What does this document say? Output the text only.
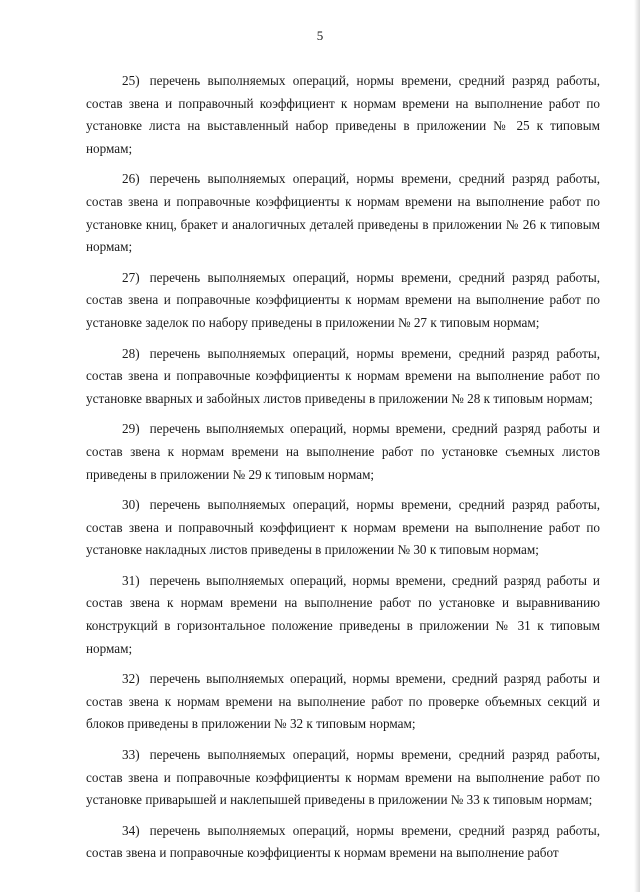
5

25) перечень выполняемых операций, нормы времени, средний разряд работы, состав звена и поправочный коэффициент к нормам времени на выполнение работ по установке листа на выставленный набор приведены в приложении № 25 к типовым нормам;

26) перечень выполняемых операций, нормы времени, средний разряд работы, состав звена и поправочные коэффициенты к нормам времени на выполнение работ по установке книц, бракет и аналогичных деталей приведены в приложении № 26 к типовым нормам;

27) перечень выполняемых операций, нормы времени, средний разряд работы, состав звена и поправочные коэффициенты к нормам времени на выполнение работ по установке заделок по набору приведены в приложении № 27 к типовым нормам;

28) перечень выполняемых операций, нормы времени, средний разряд работы, состав звена и поправочные коэффициенты к нормам времени на выполнение работ по установке вварных и забойных листов приведены в приложении № 28 к типовым нормам;

29) перечень выполняемых операций, нормы времени, средний разряд работы и состав звена к нормам времени на выполнение работ по установке съемных листов приведены в приложении № 29 к типовым нормам;

30) перечень выполняемых операций, нормы времени, средний разряд работы, состав звена и поправочный коэффициент к нормам времени на выполнение работ по установке накладных листов приведены в приложении № 30 к типовым нормам;

31) перечень выполняемых операций, нормы времени, средний разряд работы и состав звена к нормам времени на выполнение работ по установке и выравниванию конструкций в горизонтальное положение приведены в приложении № 31 к типовым нормам;

32) перечень выполняемых операций, нормы времени, средний разряд работы и состав звена к нормам времени на выполнение работ по проверке объемных секций и блоков приведены в приложении № 32 к типовым нормам;

33) перечень выполняемых операций, нормы времени, средний разряд работы, состав звена и поправочные коэффициенты к нормам времени на выполнение работ по установке приварышей и наклепышей приведены в приложении № 33 к типовым нормам;

34) перечень выполняемых операций, нормы времени, средний разряд работы, состав звена и поправочные коэффициенты к нормам времени на выполнение работ
